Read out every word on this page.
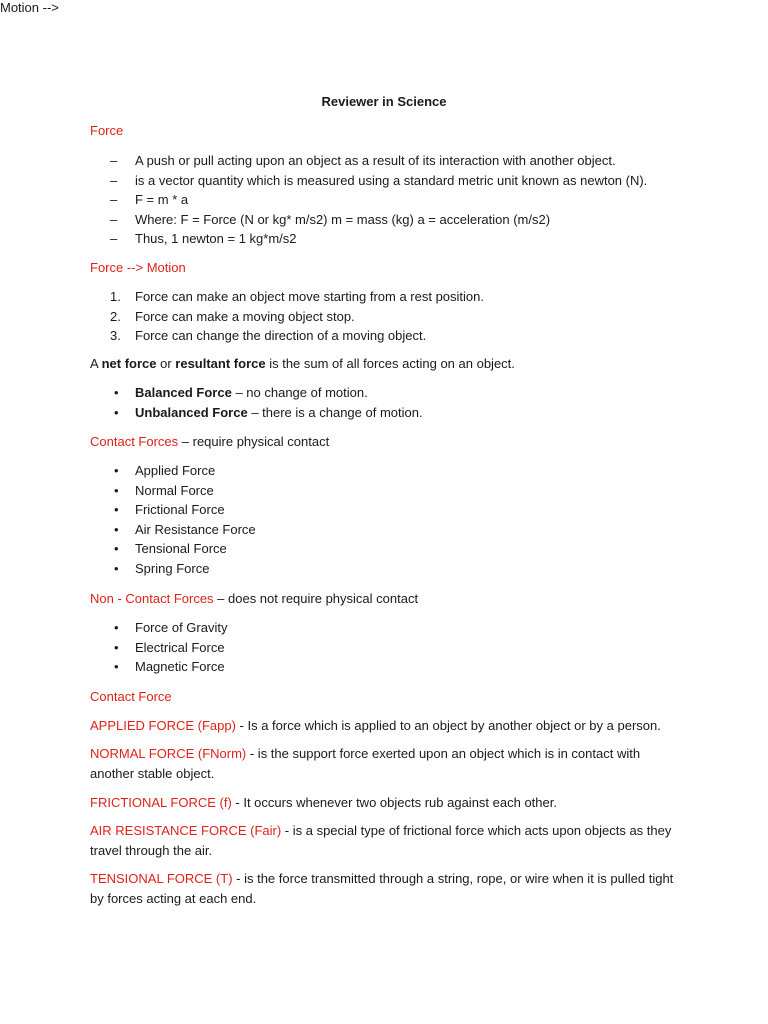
Reviewer in Science
Force
– A push or pull acting upon an object as a result of its interaction with another object.
– is a vector quantity which is measured using a standard metric unit known as newton (N).
– F = m * a
– Where: F = Force (N or kg* m/s2) m = mass (kg) a = acceleration (m/s2)
– Thus, 1 newton = 1 kg*m/s2
Motion -->
Force --> Motion
1. Force can make an object move starting from a rest position.
2. Force can make a moving object stop.
3. Force can change the direction of a moving object.
A net force or resultant force is the sum of all forces acting on an object.
• Balanced Force – no change of motion.
• Unbalanced Force – there is a change of motion.
Contact Forces – require physical contact
• Applied Force
• Normal Force
• Frictional Force
• Air Resistance Force
• Tensional Force
• Spring Force
Non - Contact Forces – does not require physical contact
• Force of Gravity
• Electrical Force
• Magnetic Force
Contact Force
APPLIED FORCE (Fapp) - Is a force which is applied to an object by another object or by a person.
NORMAL FORCE (FNorm) - is the support force exerted upon an object which is in contact with another stable object.
FRICTIONAL FORCE (f) - It occurs whenever two objects rub against each other.
AIR RESISTANCE FORCE (Fair) - is a special type of frictional force which acts upon objects as they travel through the air.
TENSIONAL FORCE (T) - is the force transmitted through a string, rope, or wire when it is pulled tight by forces acting at each end.
